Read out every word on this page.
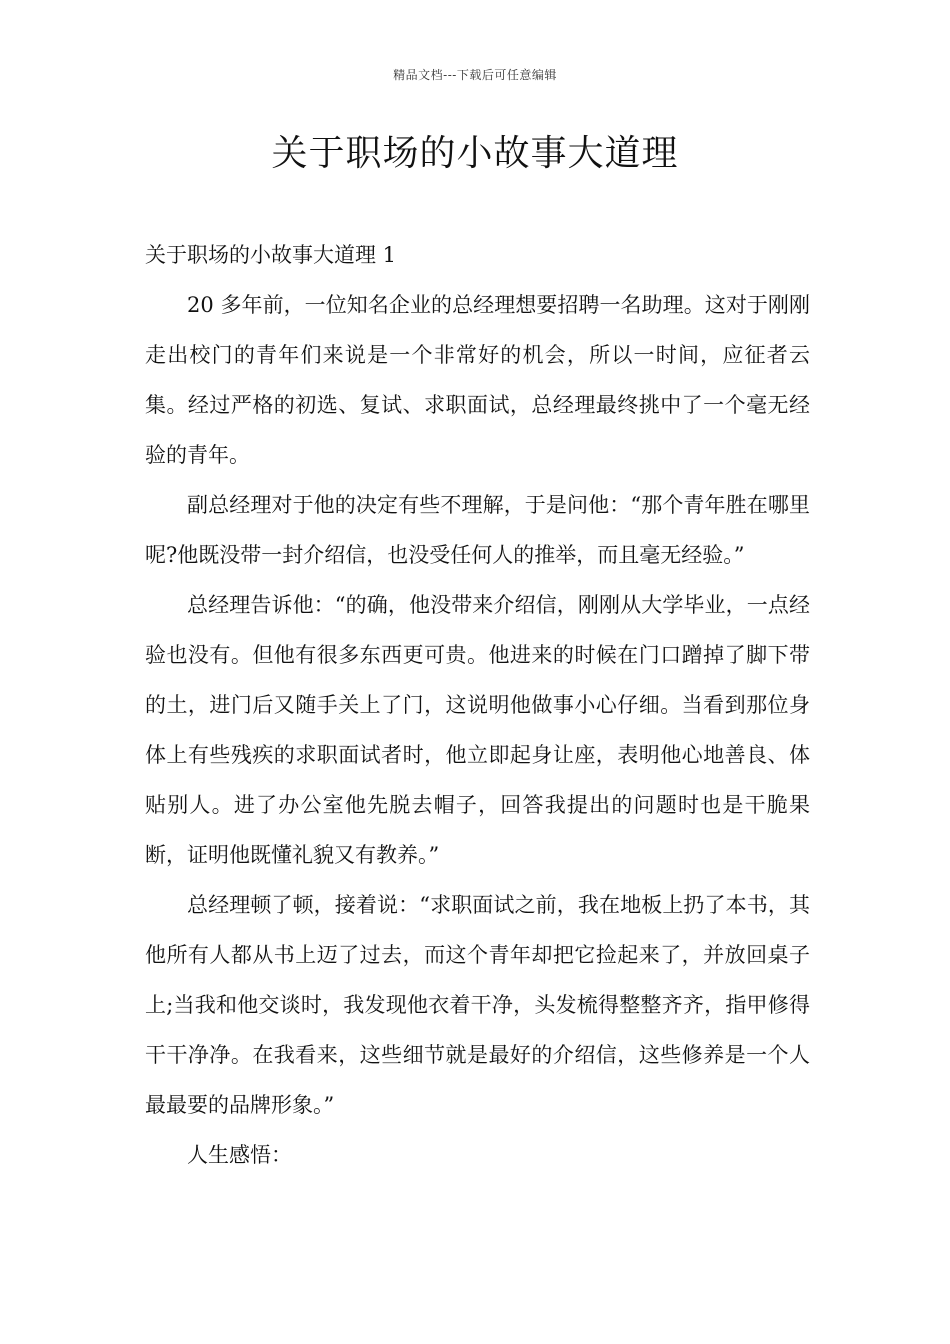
精品文档---下载后可任意编辑
关于职场的小故事大道理

关于职场的小故事大道理 1

20 多年前，一位知名企业的总经理想要招聘一名助理。这对于刚刚走出校门的青年们来说是一个非常好的机会，所以一时间，应征者云集。经过严格的初选、复试、求职面试，总经理最终挑中了一个毫无经验的青年。

副总经理对于他的决定有些不理解，于是问他：“那个青年胜在哪里呢?他既没带一封介绍信，也没受任何人的推举，而且毫无经验。”

总经理告诉他：“的确，他没带来介绍信，刚刚从大学毕业，一点经验也没有。但他有很多东西更可贵。他进来的时候在门口蹭掉了脚下带的土，进门后又随手关上了门，这说明他做事小心仔细。当看到那位身体上有些残疾的求职面试者时，他立即起身让座，表明他心地善良、体贴别人。进了办公室他先脱去帽子，回答我提出的问题时也是干脆果断，证明他既懂礼貌又有教养。”

总经理顿了顿，接着说：“求职面试之前，我在地板上扔了本书，其他所有人都从书上迈了过去，而这个青年却把它捡起来了，并放回桌子上;当我和他交谈时，我发现他衣着干净，头发梳得整整齐齐，指甲修得干干净净。在我看来，这些细节就是最好的介绍信，这些修养是一个人最最要的品牌形象。”

人生感悟：
